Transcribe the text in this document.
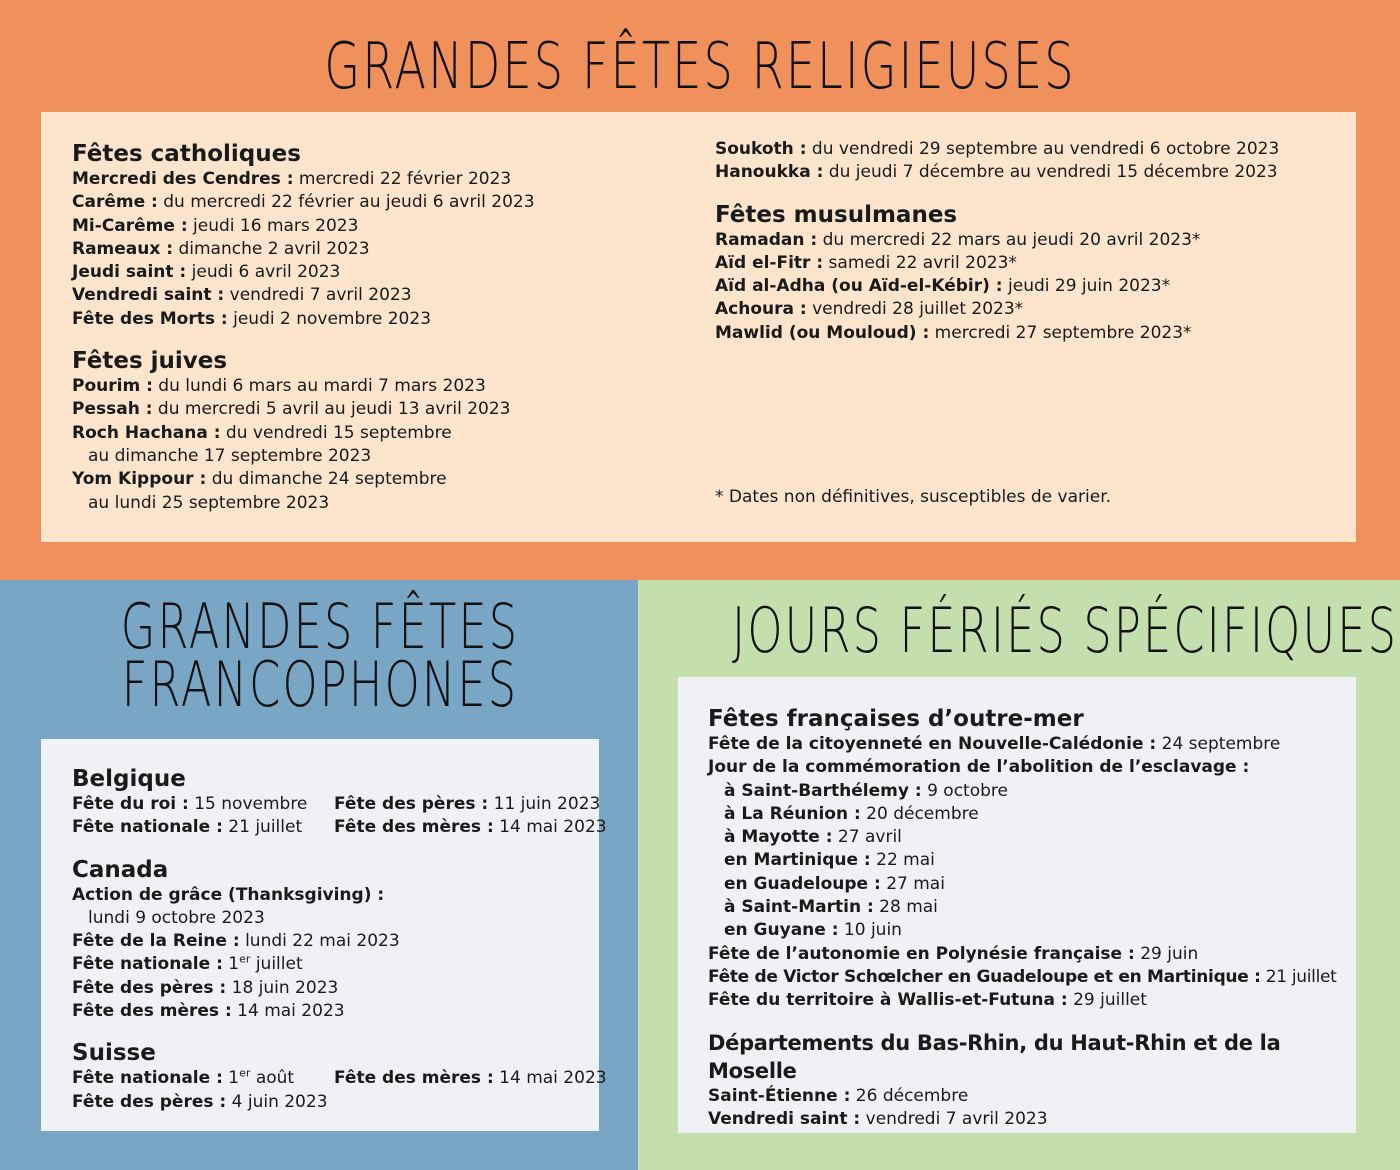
GRANDES FÊTES RELIGIEUSES
Fêtes catholiques
Mercredi des Cendres : mercredi 22 février 2023
Carême : du mercredi 22 février au jeudi 6 avril 2023
Mi-Carême : jeudi 16 mars 2023
Rameaux : dimanche 2 avril 2023
Jeudi saint : jeudi 6 avril 2023
Vendredi saint : vendredi 7 avril 2023
Fête des Morts : jeudi 2 novembre 2023
Fêtes juives
Pourim : du lundi 6 mars au mardi 7 mars 2023
Pessah : du mercredi 5 avril au jeudi 13 avril 2023
Roch Hachana : du vendredi 15 septembre
au dimanche 17 septembre 2023
Yom Kippour : du dimanche 24 septembre
au lundi 25 septembre 2023
Soukoth : du vendredi 29 septembre au vendredi 6 octobre 2023
Hanoukka : du jeudi 7 décembre au vendredi 15 décembre 2023
Fêtes musulmanes
Ramadan : du mercredi 22 mars au jeudi 20 avril 2023*
Aïd el-Fitr : samedi 22 avril 2023*
Aïd al-Adha (ou Aïd-el-Kébir) : jeudi 29 juin 2023*
Achoura : vendredi 28 juillet 2023*
Mawlid (ou Mouloud) : mercredi 27 septembre 2023*
* Dates non définitives, susceptibles de varier.
GRANDES FÊTES
FRANCOPHONES
Belgique
Fête du roi : 15 novembre Fête des pères : 11 juin 2023
Fête nationale : 21 juillet Fête des mères : 14 mai 2023
Canada
Action de grâce (Thanksgiving) :
lundi 9 octobre 2023
Fête de la Reine : lundi 22 mai 2023
Fête nationale : 1er juillet
Fête des pères : 18 juin 2023
Fête des mères : 14 mai 2023
Suisse
Fête nationale : 1er août Fête des mères : 14 mai 2023
Fête des pères : 4 juin 2023
JOURS FÉRIÉS SPÉCIFIQUES
Fêtes françaises d’outre-mer
Fête de la citoyenneté en Nouvelle-Calédonie : 24 septembre
Jour de la commémoration de l’abolition de l’esclavage :
à Saint-Barthélemy : 9 octobre
à La Réunion : 20 décembre
à Mayotte : 27 avril
en Martinique : 22 mai
en Guadeloupe : 27 mai
à Saint-Martin : 28 mai
en Guyane : 10 juin
Fête de l’autonomie en Polynésie française : 29 juin
Fête de Victor Schœlcher en Guadeloupe et en Martinique : 21 juillet
Fête du territoire à Wallis-et-Futuna : 29 juillet
Départements du Bas-Rhin, du Haut-Rhin et de la Moselle
Saint-Étienne : 26 décembre
Vendredi saint : vendredi 7 avril 2023
